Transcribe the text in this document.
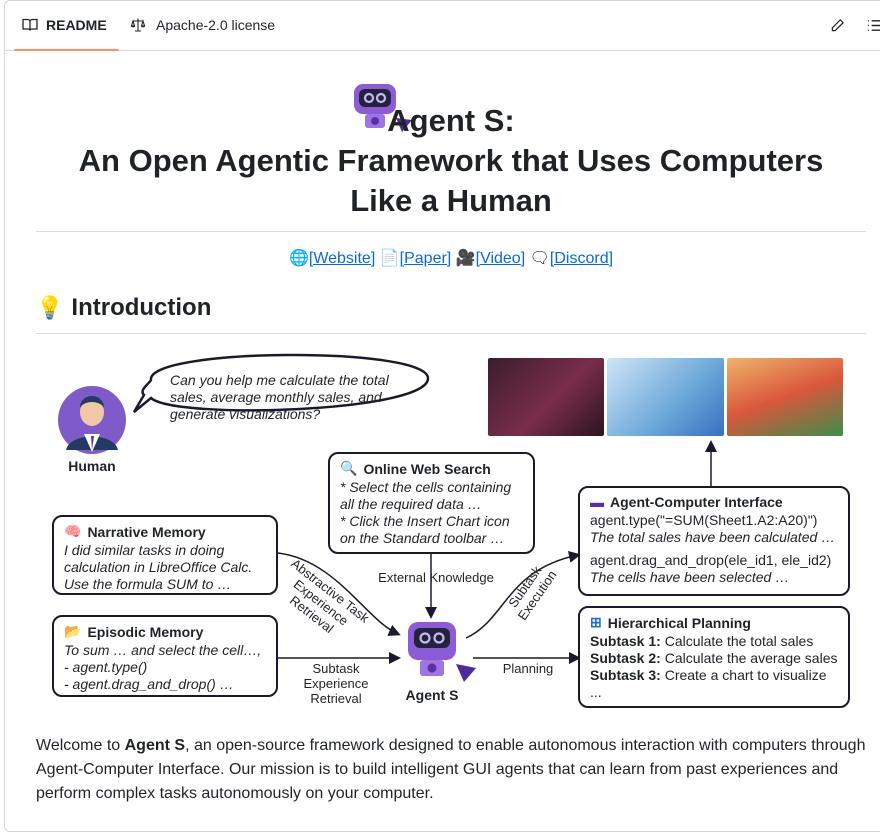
README	Apache-2.0 license
Agent S:
An Open Agentic Framework that Uses Computers
Like a Human
🌐[Website] 📄[Paper] 🎥[Video] 🗨[Discord]
💡 Introduction
Can you help me calculate the total sales, average monthly sales, and generate visualizations?
Human	🔍 Online Web Search
* Select the cells containing all the required data …
* Click the Insert Chart icon on the Standard toolbar …
🧠 Narrative Memory
I did similar tasks in doing calculation in LibreOffice Calc. Use the formula SUM to …
📂 Episodic Memory
To sum … and select the cell…,
- agent.type()
- agent.drag_and_drop() …
▬ Agent-Computer Interface
agent.type("=SUM(Sheet1.A2:A20)")
The total sales have been calculated …
agent.drag_and_drop(ele_id1, ele_id2)
The cells have been selected …
⊞ Hierarchical Planning
Subtask 1: Calculate the total sales
Subtask 2: Calculate the average sales
Subtask 3: Create a chart to visualize
...
External Knowledge
Abstractive Task Experience Retrieval
Subtask Experience Retrieval
Subtask Execution
Planning
Agent S
Welcome to Agent S, an open-source framework designed to enable autonomous interaction with computers through Agent-Computer Interface. Our mission is to build intelligent GUI agents that can learn from past experiences and perform complex tasks autonomously on your computer.
